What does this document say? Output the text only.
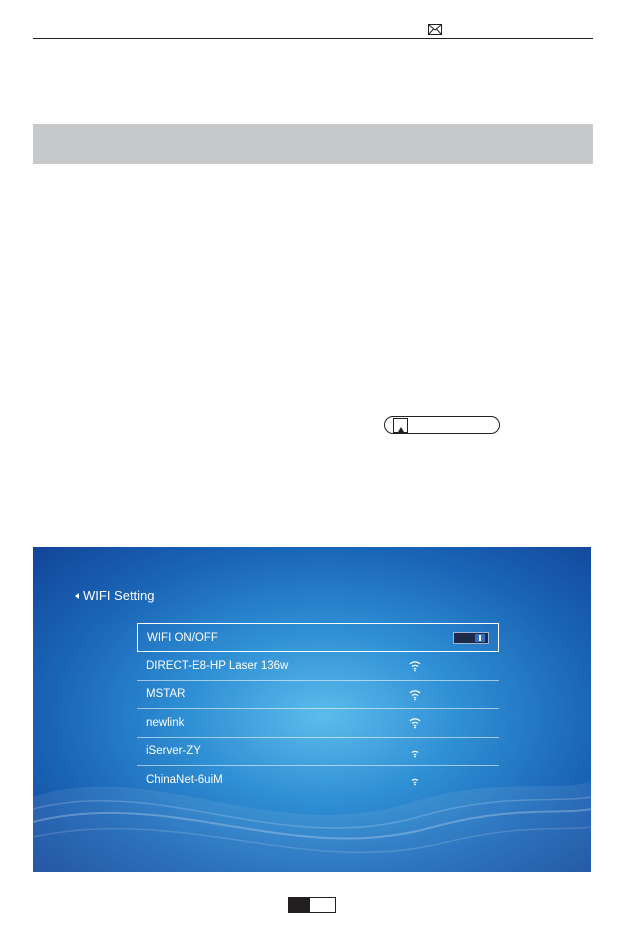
WIFI Setting
WIFI ON/OFF
DIRECT-E8-HP Laser 136w
MSTAR
newlink
iServer-ZY
ChinaNet-6uiM
